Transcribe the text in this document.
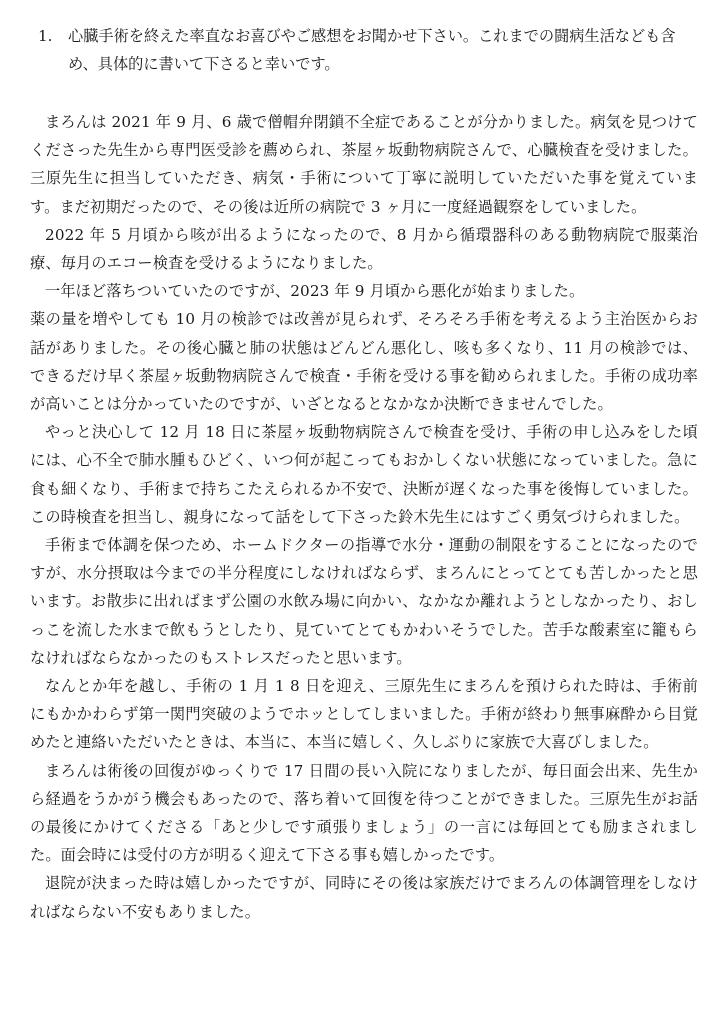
1.	心臓手術を終えた率直なお喜びやご感想をお聞かせ下さい。これまでの闘病生活なども含め、具体的に書いて下さると幸いです。

まろんは 2021 年 9 月、6 歳で僧帽弁閉鎖不全症であることが分かりました。病気を見つけてくださった先生から専門医受診を薦められ、茶屋ヶ坂動物病院さんで、心臓検査を受けました。三原先生に担当していただき、病気・手術について丁寧に説明していただいた事を覚えています。まだ初期だったので、その後は近所の病院で 3 ヶ月に一度経過観察をしていました。

2022 年 5 月頃から咳が出るようになったので、8 月から循環器科のある動物病院で服薬治療、毎月のエコー検査を受けるようになりました。

一年ほど落ちついていたのですが、2023 年 9 月頃から悪化が始まりました。

薬の量を増やしても 10 月の検診では改善が見られず、そろそろ手術を考えるよう主治医からお話がありました。その後心臓と肺の状態はどんどん悪化し、咳も多くなり、11 月の検診では、できるだけ早く茶屋ヶ坂動物病院さんで検査・手術を受ける事を勧められました。手術の成功率が高いことは分かっていたのですが、いざとなるとなかなか決断できませんでした。

やっと決心して 12 月 18 日に茶屋ヶ坂動物病院さんで検査を受け、手術の申し込みをした頃には、心不全で肺水腫もひどく、いつ何が起こってもおかしくない状態になっていました。急に食も細くなり、手術まで持ちこたえられるか不安で、決断が遅くなった事を後悔していました。この時検査を担当し、親身になって話をして下さった鈴木先生にはすごく勇気づけられました。

手術まで体調を保つため、ホームドクターの指導で水分・運動の制限をすることになったのですが、水分摂取は今までの半分程度にしなければならず、まろんにとってとても苦しかったと思います。お散歩に出ればまず公園の水飲み場に向かい、なかなか離れようとしなかったり、おしっこを流した水まで飲もうとしたり、見ていてとてもかわいそうでした。苦手な酸素室に籠もらなければならなかったのもストレスだったと思います。

なんとか年を越し、手術の 1 月 1 8 日を迎え、三原先生にまろんを預けられた時は、手術前にもかかわらず第一関門突破のようでホッとしてしまいました。手術が終わり無事麻酔から目覚めたと連絡いただいたときは、本当に、本当に嬉しく、久しぶりに家族で大喜びしました。

まろんは術後の回復がゆっくりで 17 日間の長い入院になりましたが、毎日面会出来、先生から経過をうかがう機会もあったので、落ち着いて回復を待つことができました。三原先生がお話の最後にかけてくださる「あと少しです頑張りましょう」の一言には毎回とても励まされました。面会時には受付の方が明るく迎えて下さる事も嬉しかったです。

退院が決まった時は嬉しかったですが、同時にその後は家族だけでまろんの体調管理をしなければならない不安もありました。
